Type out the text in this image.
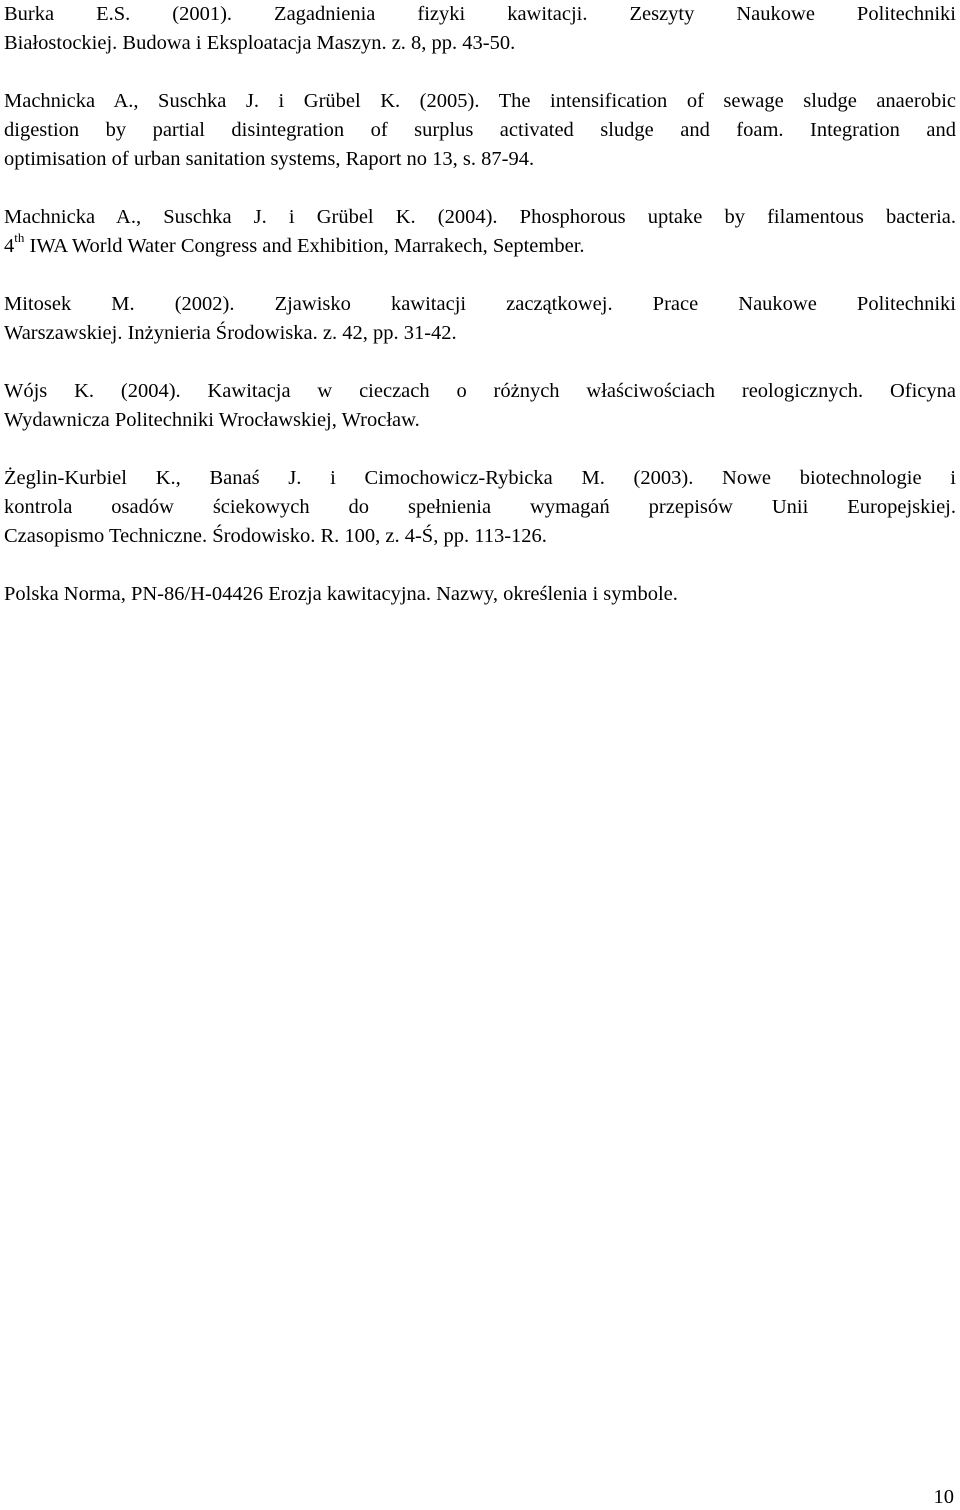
Burka E.S. (2001). Zagadnienia fizyki kawitacji. Zeszyty Naukowe Politechniki
Białostockiej. Budowa i Eksploatacja Maszyn. z. 8, pp. 43-50.

Machnicka A., Suschka J. i Grübel K. (2005). The intensification of sewage sludge anaerobic
digestion by partial disintegration of surplus activated sludge and foam. Integration and
optimisation of urban sanitation systems, Raport no 13, s. 87-94.

Machnicka A., Suschka J. i Grübel K. (2004). Phosphorous uptake by filamentous bacteria.
4th IWA World Water Congress and Exhibition, Marrakech, September.

Mitosek M. (2002). Zjawisko kawitacji zaczątkowej. Prace Naukowe Politechniki
Warszawskiej. Inżynieria Środowiska. z. 42, pp. 31-42.

Wójs K. (2004). Kawitacja w cieczach o różnych właściwościach reologicznych. Oficyna
Wydawnicza Politechniki Wrocławskiej, Wrocław.

Żeglin-Kurbiel K., Banaś J. i Cimochowicz-Rybicka M. (2003). Nowe biotechnologie i
kontrola osadów ściekowych do spełnienia wymagań przepisów Unii Europejskiej.
Czasopismo Techniczne. Środowisko. R. 100, z. 4-Ś, pp. 113-126.

Polska Norma, PN-86/H-04426 Erozja kawitacyjna. Nazwy, określenia i symbole.

10
